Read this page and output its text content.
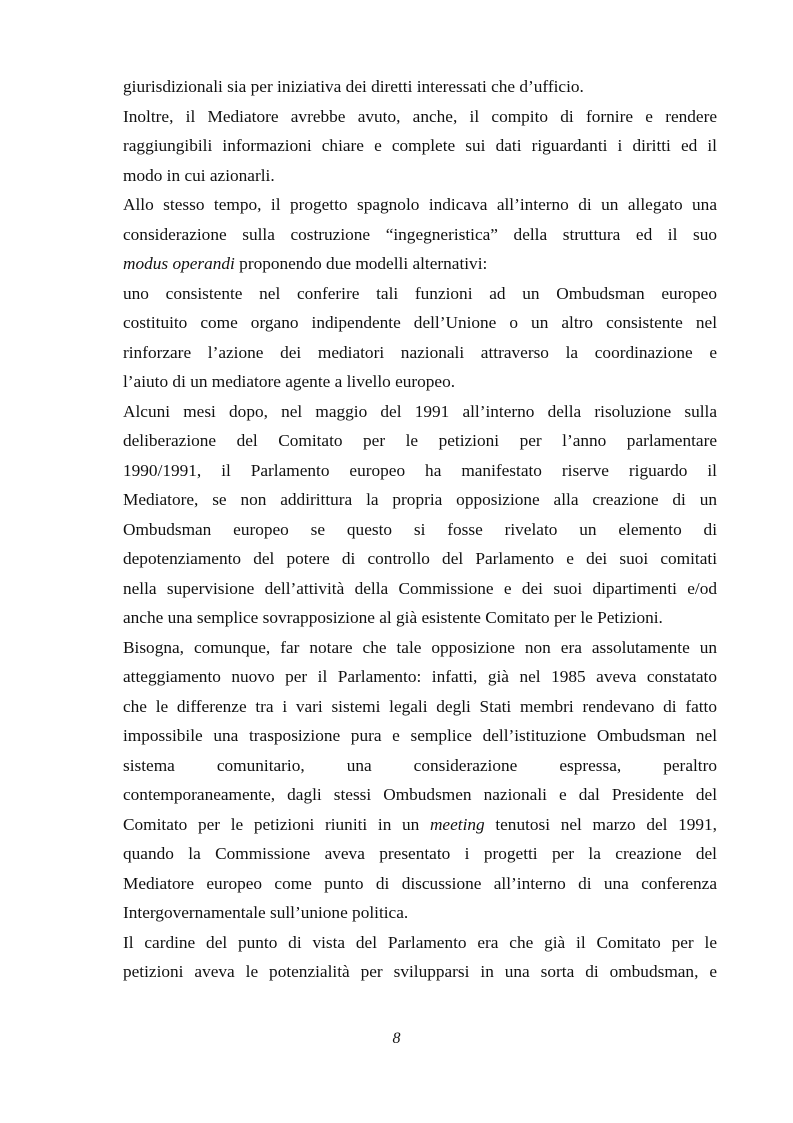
giurisdizionali sia per iniziativa dei diretti interessati che d’ufficio.

Inoltre, il Mediatore avrebbe avuto, anche, il compito di fornire e rendere
raggiungibili informazioni chiare e complete sui dati riguardanti i diritti ed il
modo in cui azionarli.

Allo stesso tempo, il progetto spagnolo indicava all’interno di un allegato una
considerazione sulla costruzione “ingegneristica” della struttura ed il suo
modus operandi proponendo due modelli alternativi:

uno consistente nel conferire tali funzioni ad un Ombudsman europeo
costituito come organo indipendente dell’Unione o un altro consistente nel
rinforzare l’azione dei mediatori nazionali attraverso la coordinazione e
l’aiuto di un mediatore agente a livello europeo.

Alcuni mesi dopo, nel maggio del 1991 all’interno della risoluzione sulla
deliberazione del Comitato per le petizioni per l’anno parlamentare
1990/1991, il Parlamento europeo ha manifestato riserve riguardo il
Mediatore, se non addirittura la propria opposizione alla creazione di un
Ombudsman europeo se questo si fosse rivelato un elemento di
depotenziamento del potere di controllo del Parlamento e dei suoi comitati
nella supervisione dell’attività della Commissione e dei suoi dipartimenti e/od
anche una semplice sovrapposizione al già esistente Comitato per le Petizioni.

Bisogna, comunque, far notare che tale opposizione non era assolutamente un
atteggiamento nuovo per il Parlamento: infatti, già nel 1985 aveva constatato
che le differenze tra i vari sistemi legali degli Stati membri rendevano di fatto
impossibile una trasposizione pura e semplice dell’istituzione Ombudsman nel
sistema comunitario, una considerazione espressa, peraltro
contemporaneamente, dagli stessi Ombudsmen nazionali e dal Presidente del
Comitato per le petizioni riuniti in un meeting tenutosi nel marzo del 1991,
quando la Commissione aveva presentato i progetti per la creazione del
Mediatore europeo come punto di discussione all’interno di una conferenza
Intergovernamentale sull’unione politica.

Il cardine del punto di vista del Parlamento era che già il Comitato per le
petizioni aveva le potenzialità per svilupparsi in una sorta di ombudsman, e

8
